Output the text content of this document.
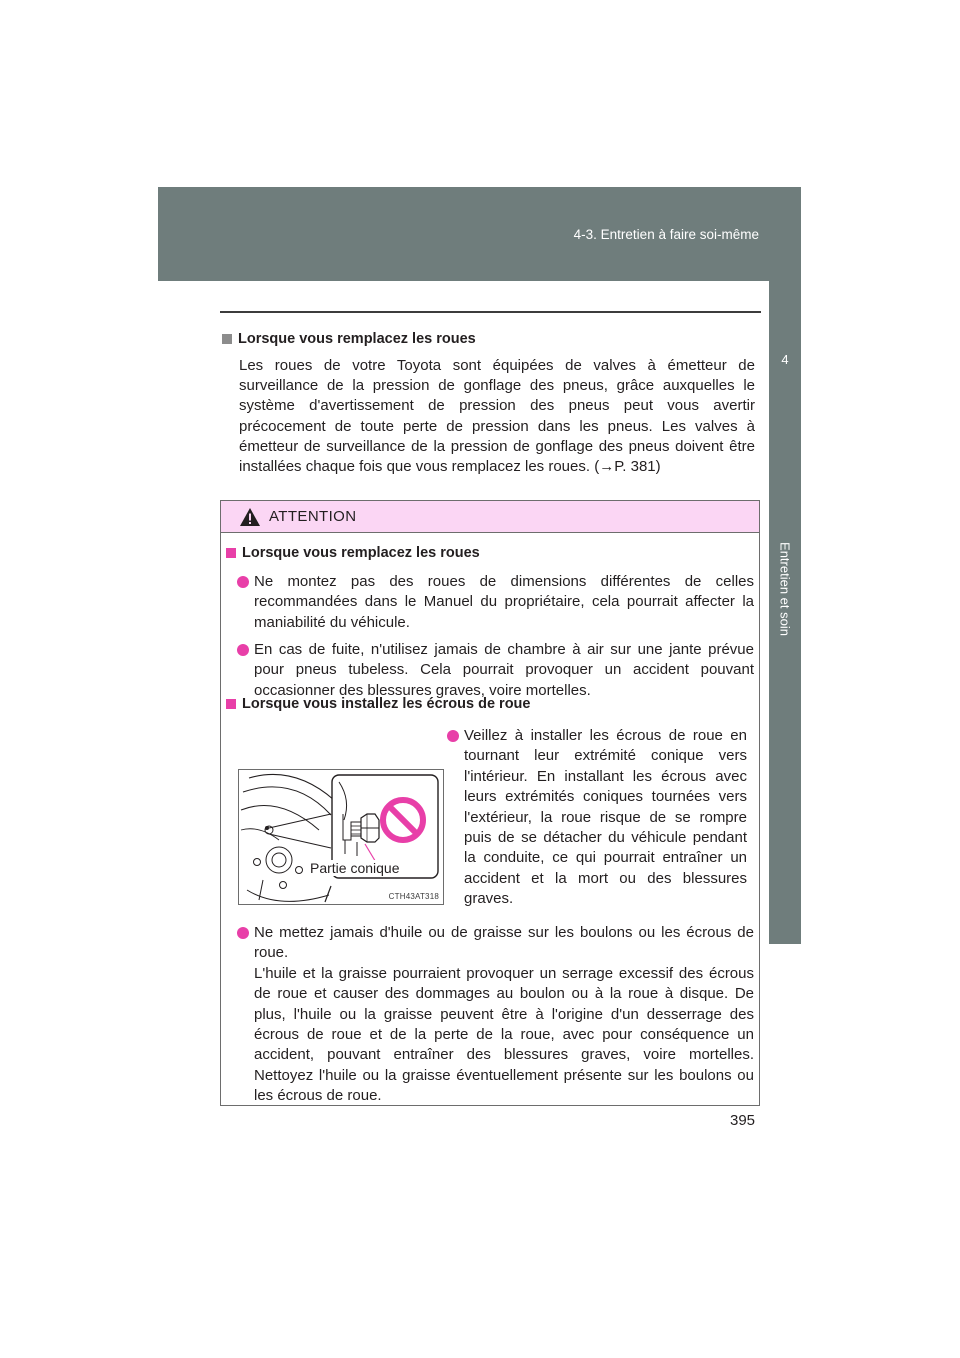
4-3. Entretien à faire soi-même
4
Entretien et soin
Lorsque vous remplacez les roues
Les roues de votre Toyota sont équipées de valves à émetteur de surveillance de la pression de gonflage des pneus, grâce auxquelles le système d'avertissement de pression des pneus peut vous avertir précocement de toute perte de pression dans les pneus. Les valves à émetteur de surveillance de la pression de gonflage des pneus doivent être installées chaque fois que vous remplacez les roues. (→P. 381)
ATTENTION
Lorsque vous remplacez les roues
Ne montez pas des roues de dimensions différentes de celles recommandées dans le Manuel du propriétaire, cela pourrait affecter la maniabilité du véhicule.
En cas de fuite, n'utilisez jamais de chambre à air sur une jante prévue pour pneus tubeless. Cela pourrait provoquer un accident pouvant occasionner des blessures graves, voire mortelles.
Lorsque vous installez les écrous de roue
Partie conique
CTH43AT318
Veillez à installer les écrous de roue en tournant leur extrémité conique vers l'intérieur. En installant les écrous avec leurs extrémités coniques tournées vers l'extérieur, la roue risque de se rompre puis de se détacher du véhicule pendant la conduite, ce qui pourrait entraîner un accident et la mort ou des blessures graves.
Ne mettez jamais d'huile ou de graisse sur les boulons ou les écrous de roue.
L'huile et la graisse pourraient provoquer un serrage excessif des écrous de roue et causer des dommages au boulon ou à la roue à disque. De plus, l'huile ou la graisse peuvent être à l'origine d'un desserrage des écrous de roue et de la perte de la roue, avec pour conséquence un accident, pouvant entraîner des blessures graves, voire mortelles. Nettoyez l'huile ou la graisse éventuellement présente sur les boulons ou les écrous de roue.
395
